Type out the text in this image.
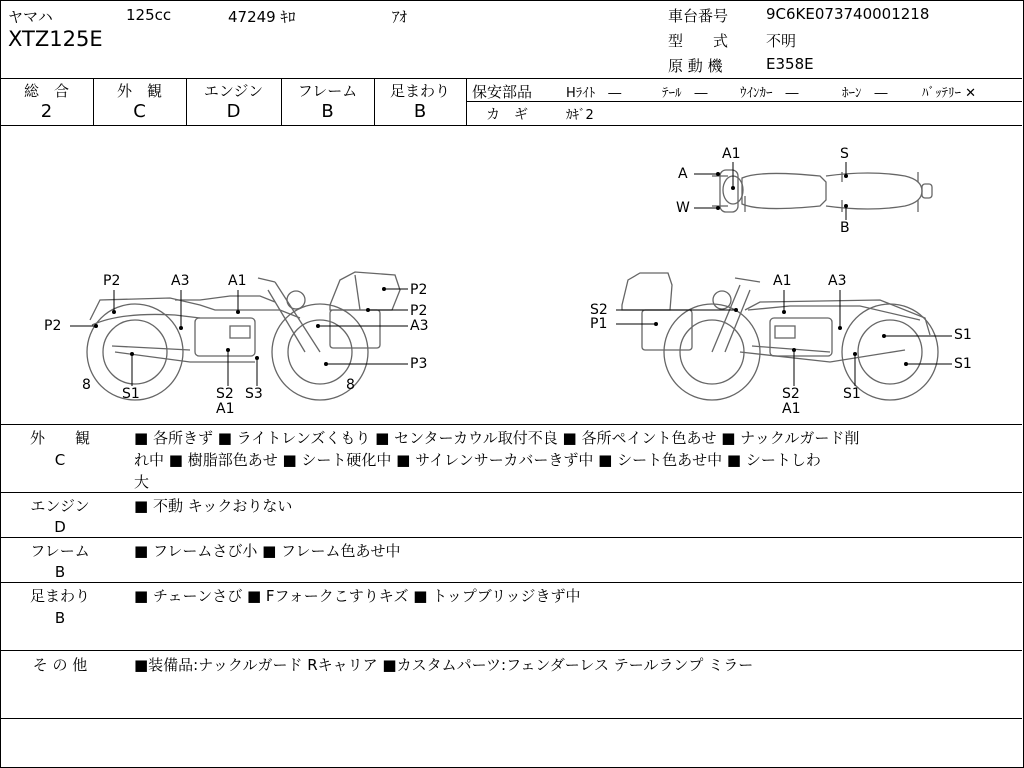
ヤマハ	125cc	47249 ｷﾛ	ｱｵ
XTZ125E
車台番号	9C6KE073740001218
型　　式	不明
原 動 機	E358E
総　合
2
外　観
C
エンジン
D
フレーム
B
足まわり
B
保安部品	Hﾗｲﾄ　―	ﾃｰﾙ　― ｳｲﾝｶｰ　―	ﾎｰﾝ　―	ﾊﾞｯﾃﾘｰ ✕
カ　ギ	ｶｷﾞ2
A1
A
W
S
B
P2	A3	A1
P2
P2
A3
8
S1	S2
A1
S3
8
P3
P2	S2
P1
A1	A3
S1
S1
S2
A1
S1
外　　観
C
■ 各所きず ■ ライトレンズくもり ■ センターカウル取付不良 ■ 各所ペイント色あせ ■ ナックルガード削
れ中 ■ 樹脂部色あせ ■ シート硬化中 ■ サイレンサーカバーきず中 ■ シート色あせ中 ■ シートしわ
大
エンジン
D
■ 不動 キックおりない
フレーム
B
■ フレームさび小 ■ フレーム色あせ中
足まわり
B
■ チェーンさび ■ Fフォークこすりキズ ■ トップブリッジきず中
そ の 他	■装備品:ナックルガード Rキャリア ■カスタムパーツ:フェンダーレス テールランプ ミラー
